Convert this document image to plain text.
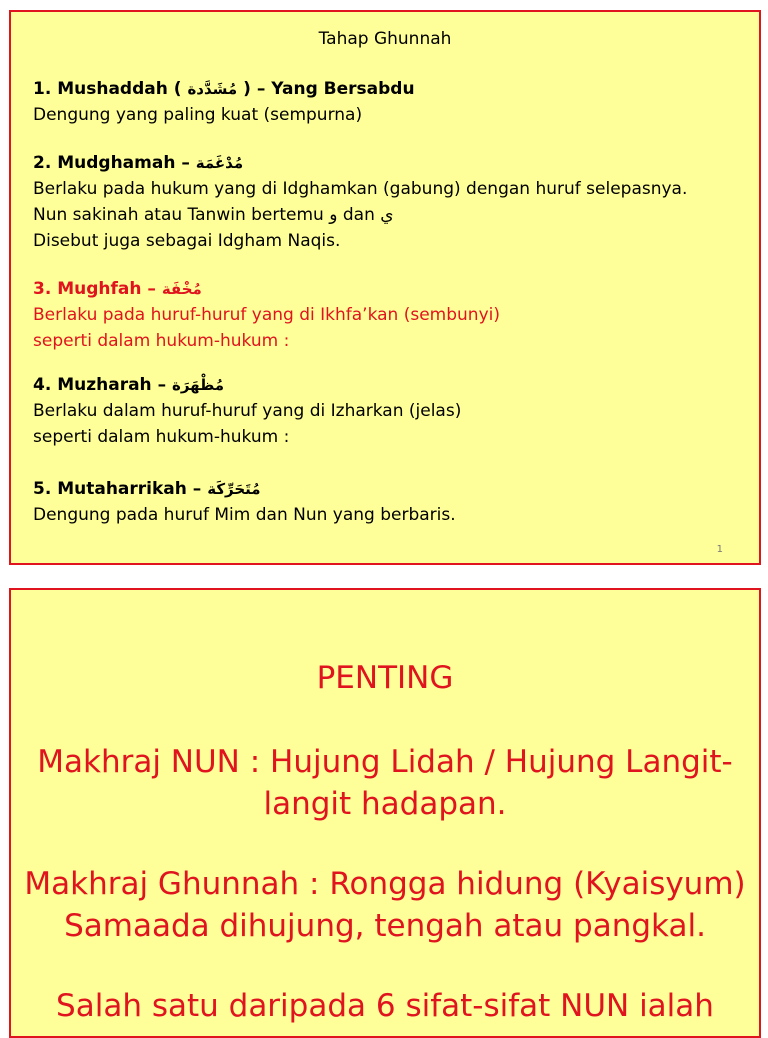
Tahap Ghunnah
1. Mushaddah ( مُشَدَّدة ) – Yang Bersabdu
Dengung yang paling kuat (sempurna)
2. Mudghamah – مُدْغَمَة
Berlaku pada hukum yang di Idghamkan (gabung) dengan huruf selepasnya.
Nun sakinah atau Tanwin bertemu و dan ي
Disebut juga sebagai Idgham Naqis.
3. Mughfah – مُخْفَة
Berlaku pada huruf-huruf yang di Ikhfa’kan (sembunyi)
seperti dalam hukum-hukum :
4. Muzharah – مُظْهَرَة
Berlaku dalam huruf-huruf yang di Izharkan (jelas)
seperti dalam hukum-hukum :
5. Mutaharrikah – مُتَحَرِّكَة
Dengung pada huruf Mim dan Nun yang berbaris.
1
PENTING
Makhraj NUN : Hujung Lidah / Hujung Langit-
langit hadapan.
Makhraj Ghunnah : Rongga hidung (Kyaisyum)
Samaada dihujung, tengah atau pangkal.
Salah satu daripada 6 sifat-sifat NUN ialah
